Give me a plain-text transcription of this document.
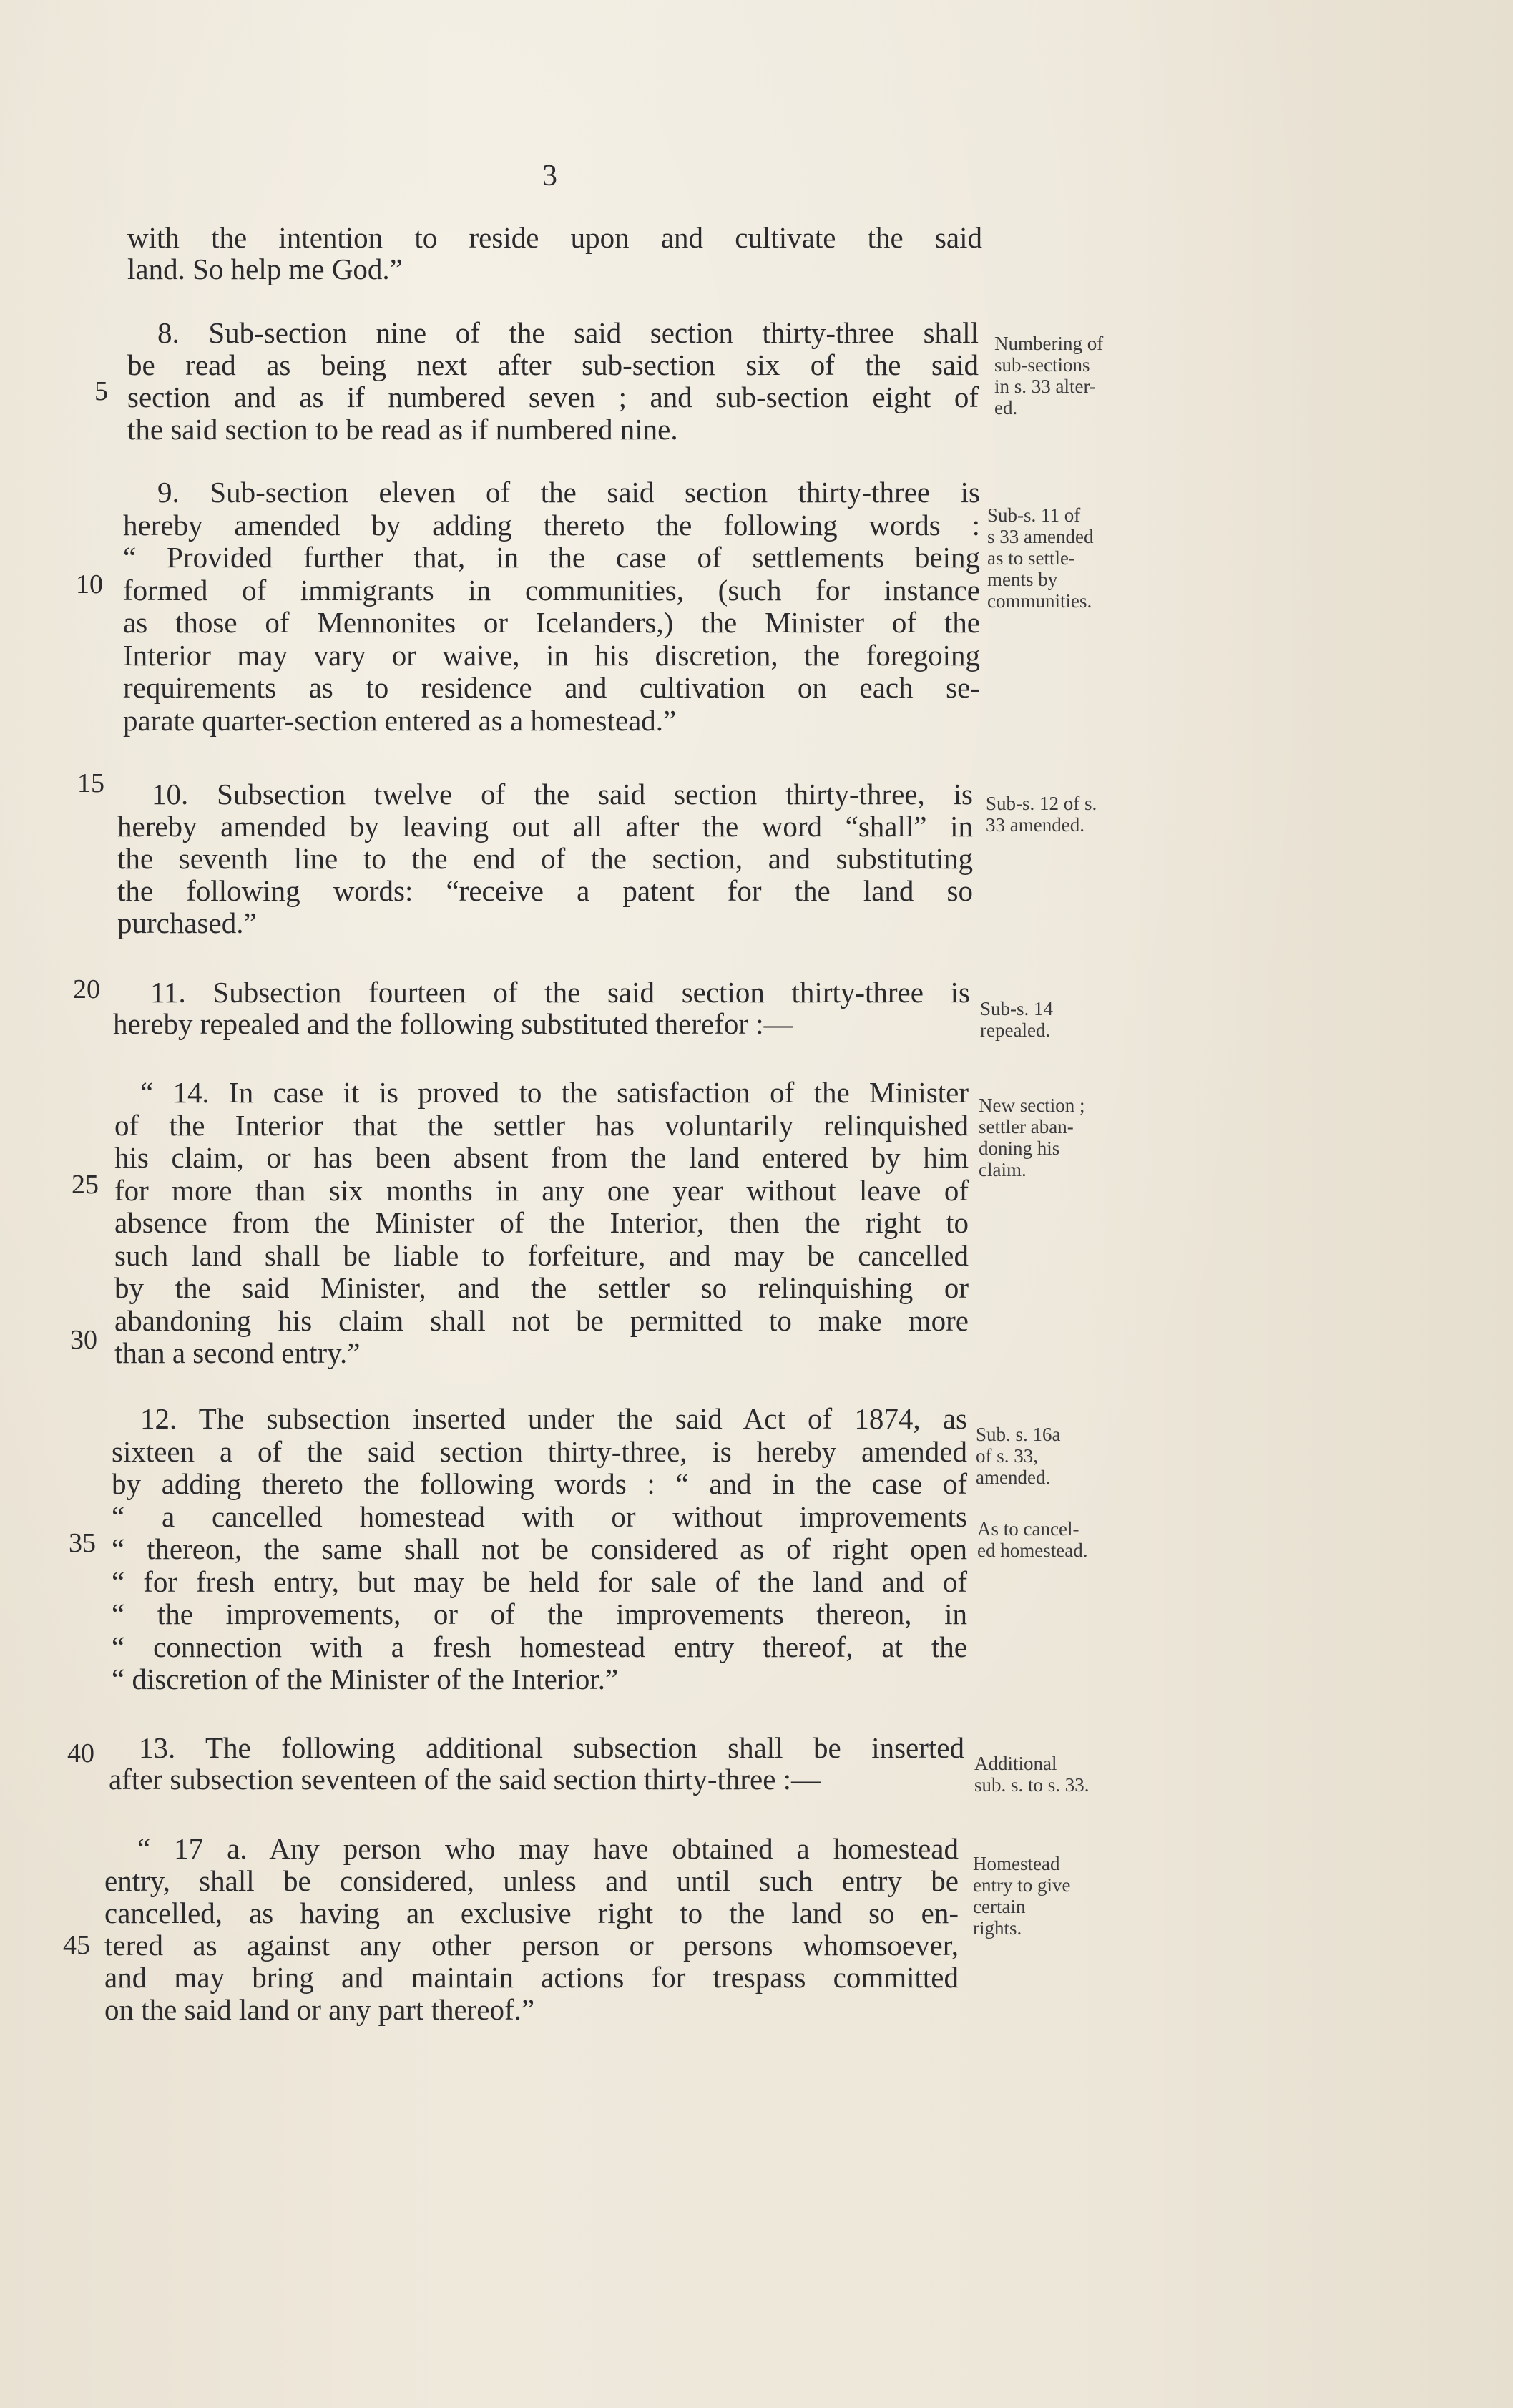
3
with the intention to reside upon and cultivate the said
land. So help me God.”
8. Sub-section nine of the said section thirty-three shall
be read as being next after sub-section six of the said
section and as if numbered seven ; and sub-section eight of
the said section to be read as if numbered nine.
9. Sub-section eleven of the said section thirty-three is
hereby amended by adding thereto the following words :
“ Provided further that, in the case of settlements being
formed of immigrants in communities, (such for instance
as those of Mennonites or Icelanders,) the Minister of the
Interior may vary or waive, in his discretion, the foregoing
requirements as to residence and cultivation on each se-
parate quarter-section entered as a homestead.”
10. Subsection twelve of the said section thirty-three, is
hereby amended by leaving out all after the word “shall” in
the seventh line to the end of the section, and substituting
the following words: “receive a patent for the land so
purchased.”
11. Subsection fourteen of the said section thirty-three is
hereby repealed and the following substituted therefor :—
“ 14. In case it is proved to the satisfaction of the Minister
of the Interior that the settler has voluntarily relinquished
his claim, or has been absent from the land entered by him
for more than six months in any one year without leave of
absence from the Minister of the Interior, then the right to
such land shall be liable to forfeiture, and may be cancelled
by the said Minister, and the settler so relinquishing or
abandoning his claim shall not be permitted to make more
than a second entry.”
12. The subsection inserted under the said Act of 1874, as
sixteen a of the said section thirty-three, is hereby amended
by adding thereto the following words : “ and in the case of
“ a cancelled homestead with or without improvements
“ thereon, the same shall not be considered as of right open
“ for fresh entry, but may be held for sale of the land and of
“ the improvements, or of the improvements thereon, in
“ connection with a fresh homestead entry thereof, at the
“ discretion of the Minister of the Interior.”
13. The following additional subsection shall be inserted
after subsection seventeen of the said section thirty-three :—
“ 17 a. Any person who may have obtained a homestead
entry, shall be considered, unless and until such entry be
cancelled, as having an exclusive right to the land so en-
tered as against any other person or persons whomsoever,
and may bring and maintain actions for trespass committed
on the said land or any part thereof.”
5
10
15
20
25
30
35
40
45
Numbering of
sub-sections
in s. 33 alter-
ed.
Sub-s. 11 of
s 33 amended
as to settle-
ments by
communities.
Sub-s. 12 of s.
33 amended.
Sub-s. 14
repealed.
New section ;
settler aban-
doning his
claim.
Sub. s. 16a
of s. 33,
amended.
As to cancel-
ed homestead.
Additional
sub. s. to s. 33.
Homestead
entry to give
certain
rights.
